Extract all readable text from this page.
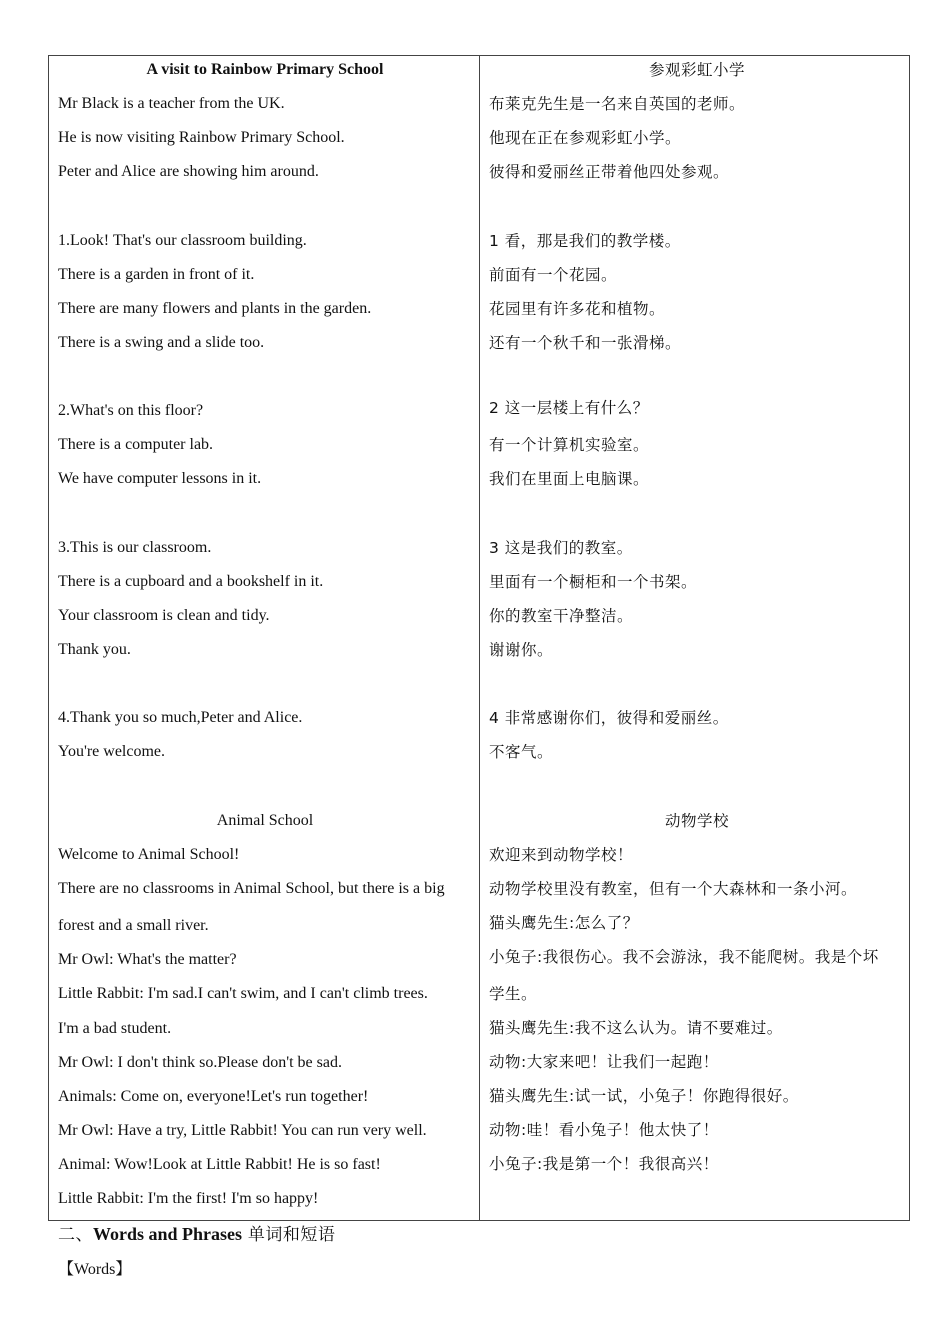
A visit to Rainbow Primary School
Mr Black is a teacher from the UK.
He is now visiting Rainbow Primary School.
Peter and Alice are showing him around.
1.Look! That's our classroom building.
There is a garden in front of it.
There are many flowers and plants in the garden.
There is a swing and a slide too.
2.What's on this floor?
There is a computer lab.
We have computer lessons in it.
3.This is our classroom.
There is a cupboard and a bookshelf in it.
Your classroom is clean and tidy.
Thank you.
4.Thank you so much,Peter and Alice.
You're welcome.
Animal School
Welcome to Animal School!
There are no classrooms in Animal School, but there is a big
forest and a small river.
Mr Owl: What's the matter?
Little Rabbit: I'm sad.I can't swim, and I can't climb trees.
I'm a bad student.
Mr Owl: I don't think so.Please don't be sad.
Animals: Come on, everyone!Let's run together!
Mr Owl: Have a try, Little Rabbit! You can run very well.
Animal: Wow!Look at Little Rabbit! He is so fast!
Little Rabbit: I'm the first! I'm so happy!
参观彩虹小学
布莱克先生是一名来自英国的老师。
他现在正在参观彩虹小学。
彼得和爱丽丝正带着他四处参观。
1 看，那是我们的教学楼。
前面有一个花园。
花园里有许多花和植物。
还有一个秋千和一张滑梯。
2 这一层楼上有什么？
有一个计算机实验室。
我们在里面上电脑课。
3 这是我们的教室。
里面有一个橱柜和一个书架。
你的教室干净整洁。
谢谢你。
4 非常感谢你们，彼得和爱丽丝。
不客气。
动物学校
欢迎来到动物学校！
动物学校里没有教室，但有一个大森林和一条小河。
猫头鹰先生:怎么了？
小兔子:我很伤心。我不会游泳，我不能爬树。我是个坏
学生。
猫头鹰先生:我不这么认为。请不要难过。
动物:大家来吧！让我们一起跑！
猫头鹰先生:试一试，小兔子！你跑得很好。
动物:哇！看小兔子！他太快了！
小兔子:我是第一个！我很高兴！
二、Words and Phrases 单词和短语
【Words】
